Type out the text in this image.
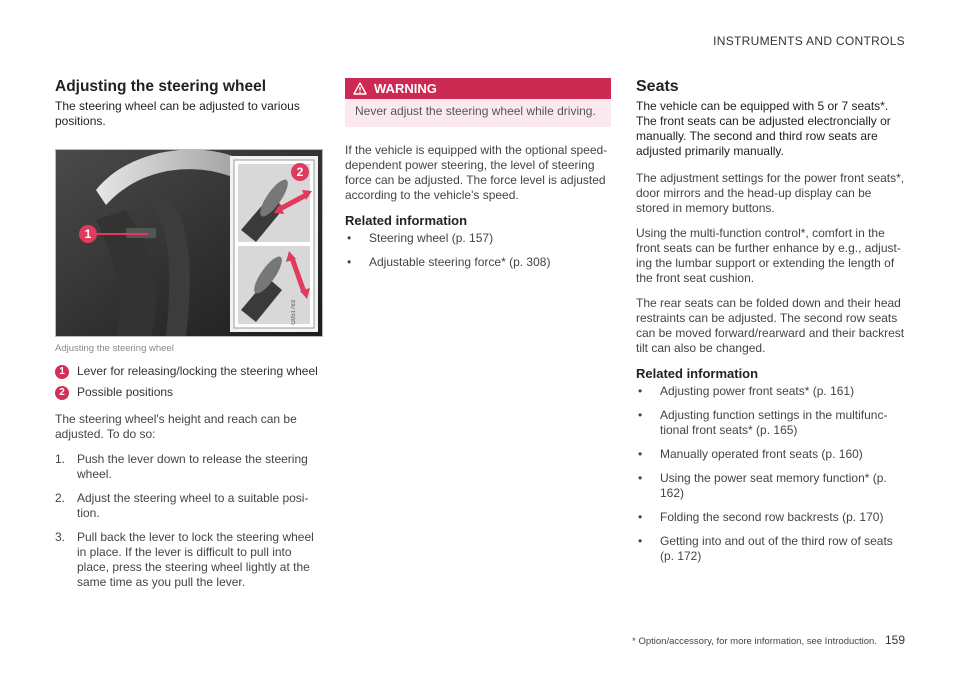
INSTRUMENTS AND CONTROLS
Adjusting the steering wheel

The steering wheel can be adjusted to various positions.

1
2
G051763
Adjusting the steering wheel
1	Lever for releasing/locking the steering wheel
2	Possible positions

The steering wheel's height and reach can be adjusted. To do so:

1. Push the lever down to release the steering wheel.
2. Adjust the steering wheel to a suitable posi-tion.
3. Pull back the lever to lock the steering wheel in place. If the lever is difficult to pull into place, press the steering wheel lightly at the same time as you pull the lever.
WARNING
Never adjust the steering wheel while driving.

If the vehicle is equipped with the optional speed-dependent power steering, the level of steering force can be adjusted. The force level is adjusted according to the vehicle's speed.

Related information
•	Steering wheel (p. 157)
•	Adjustable steering force* (p. 308)
Seats

The vehicle can be equipped with 5 or 7 seats*. The front seats can be adjusted electroncially or manually. The second and third row seats are adjusted primarily manually.

The adjustment settings for the power front seats*, door mirrors and the head-up display can be stored in memory buttons.

Using the multi-function control*, comfort in the front seats can be further enhance by e.g., adjust-ing the lumbar support or extending the length of the front seat cushion.

The rear seats can be folded down and their head restraints can be adjusted. The second row seats can be moved forward/rearward and their backrest tilt can also be changed.

Related information
•	Adjusting power front seats* (p. 161)
•	Adjusting function settings in the multifunc-tional front seats* (p. 165)
•	Manually operated front seats (p. 160)
•	Using the power seat memory function* (p. 162)
•	Folding the second row backrests (p. 170)
•	Getting into and out of the third row of seats (p. 172)
* Option/accessory, for more information, see Introduction. 159
